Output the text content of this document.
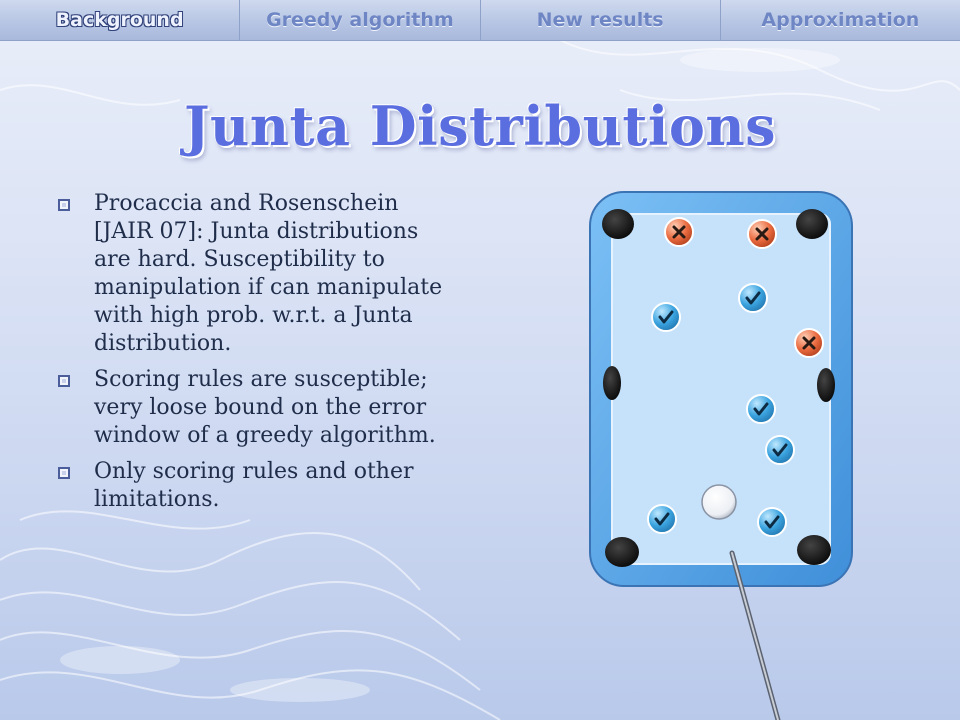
Background	Greedy algorithm	New results	Approximation
Junta Distributions
Procaccia and Rosenschein [JAIR 07]: Junta distributions are hard. Susceptibility to manipulation if can manipulate with high prob. w.r.t. a Junta distribution.
Scoring rules are susceptible; very loose bound on the error window of a greedy algorithm.
Only scoring rules and other limitations.
